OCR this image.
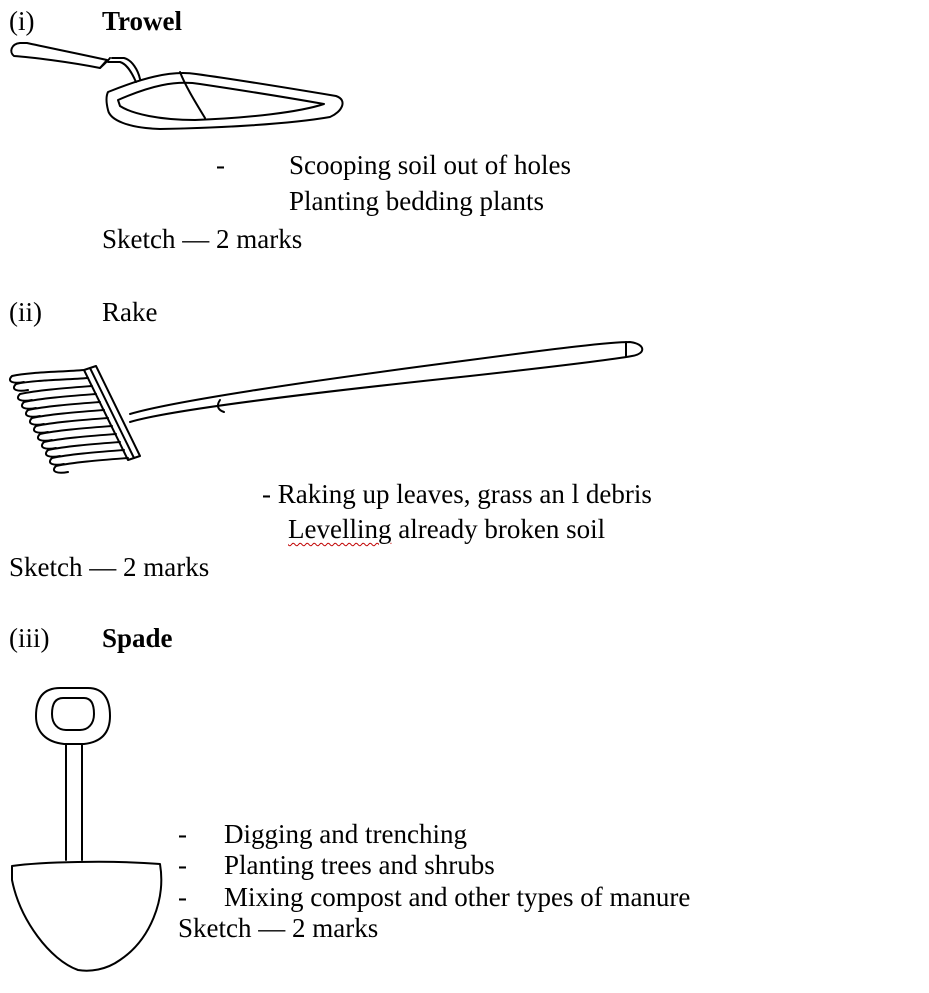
(i)	Trowel
- Scooping soil out of holes
Planting bedding plants
Sketch — 2 marks
(ii) Rake
- Raking up leaves, grass an l debris
Levelling already broken soil
Sketch — 2 marks
(iii) Spade
- Digging and trenching
- Planting trees and shrubs
- Mixing compost and other types of manure
Sketch — 2 marks
